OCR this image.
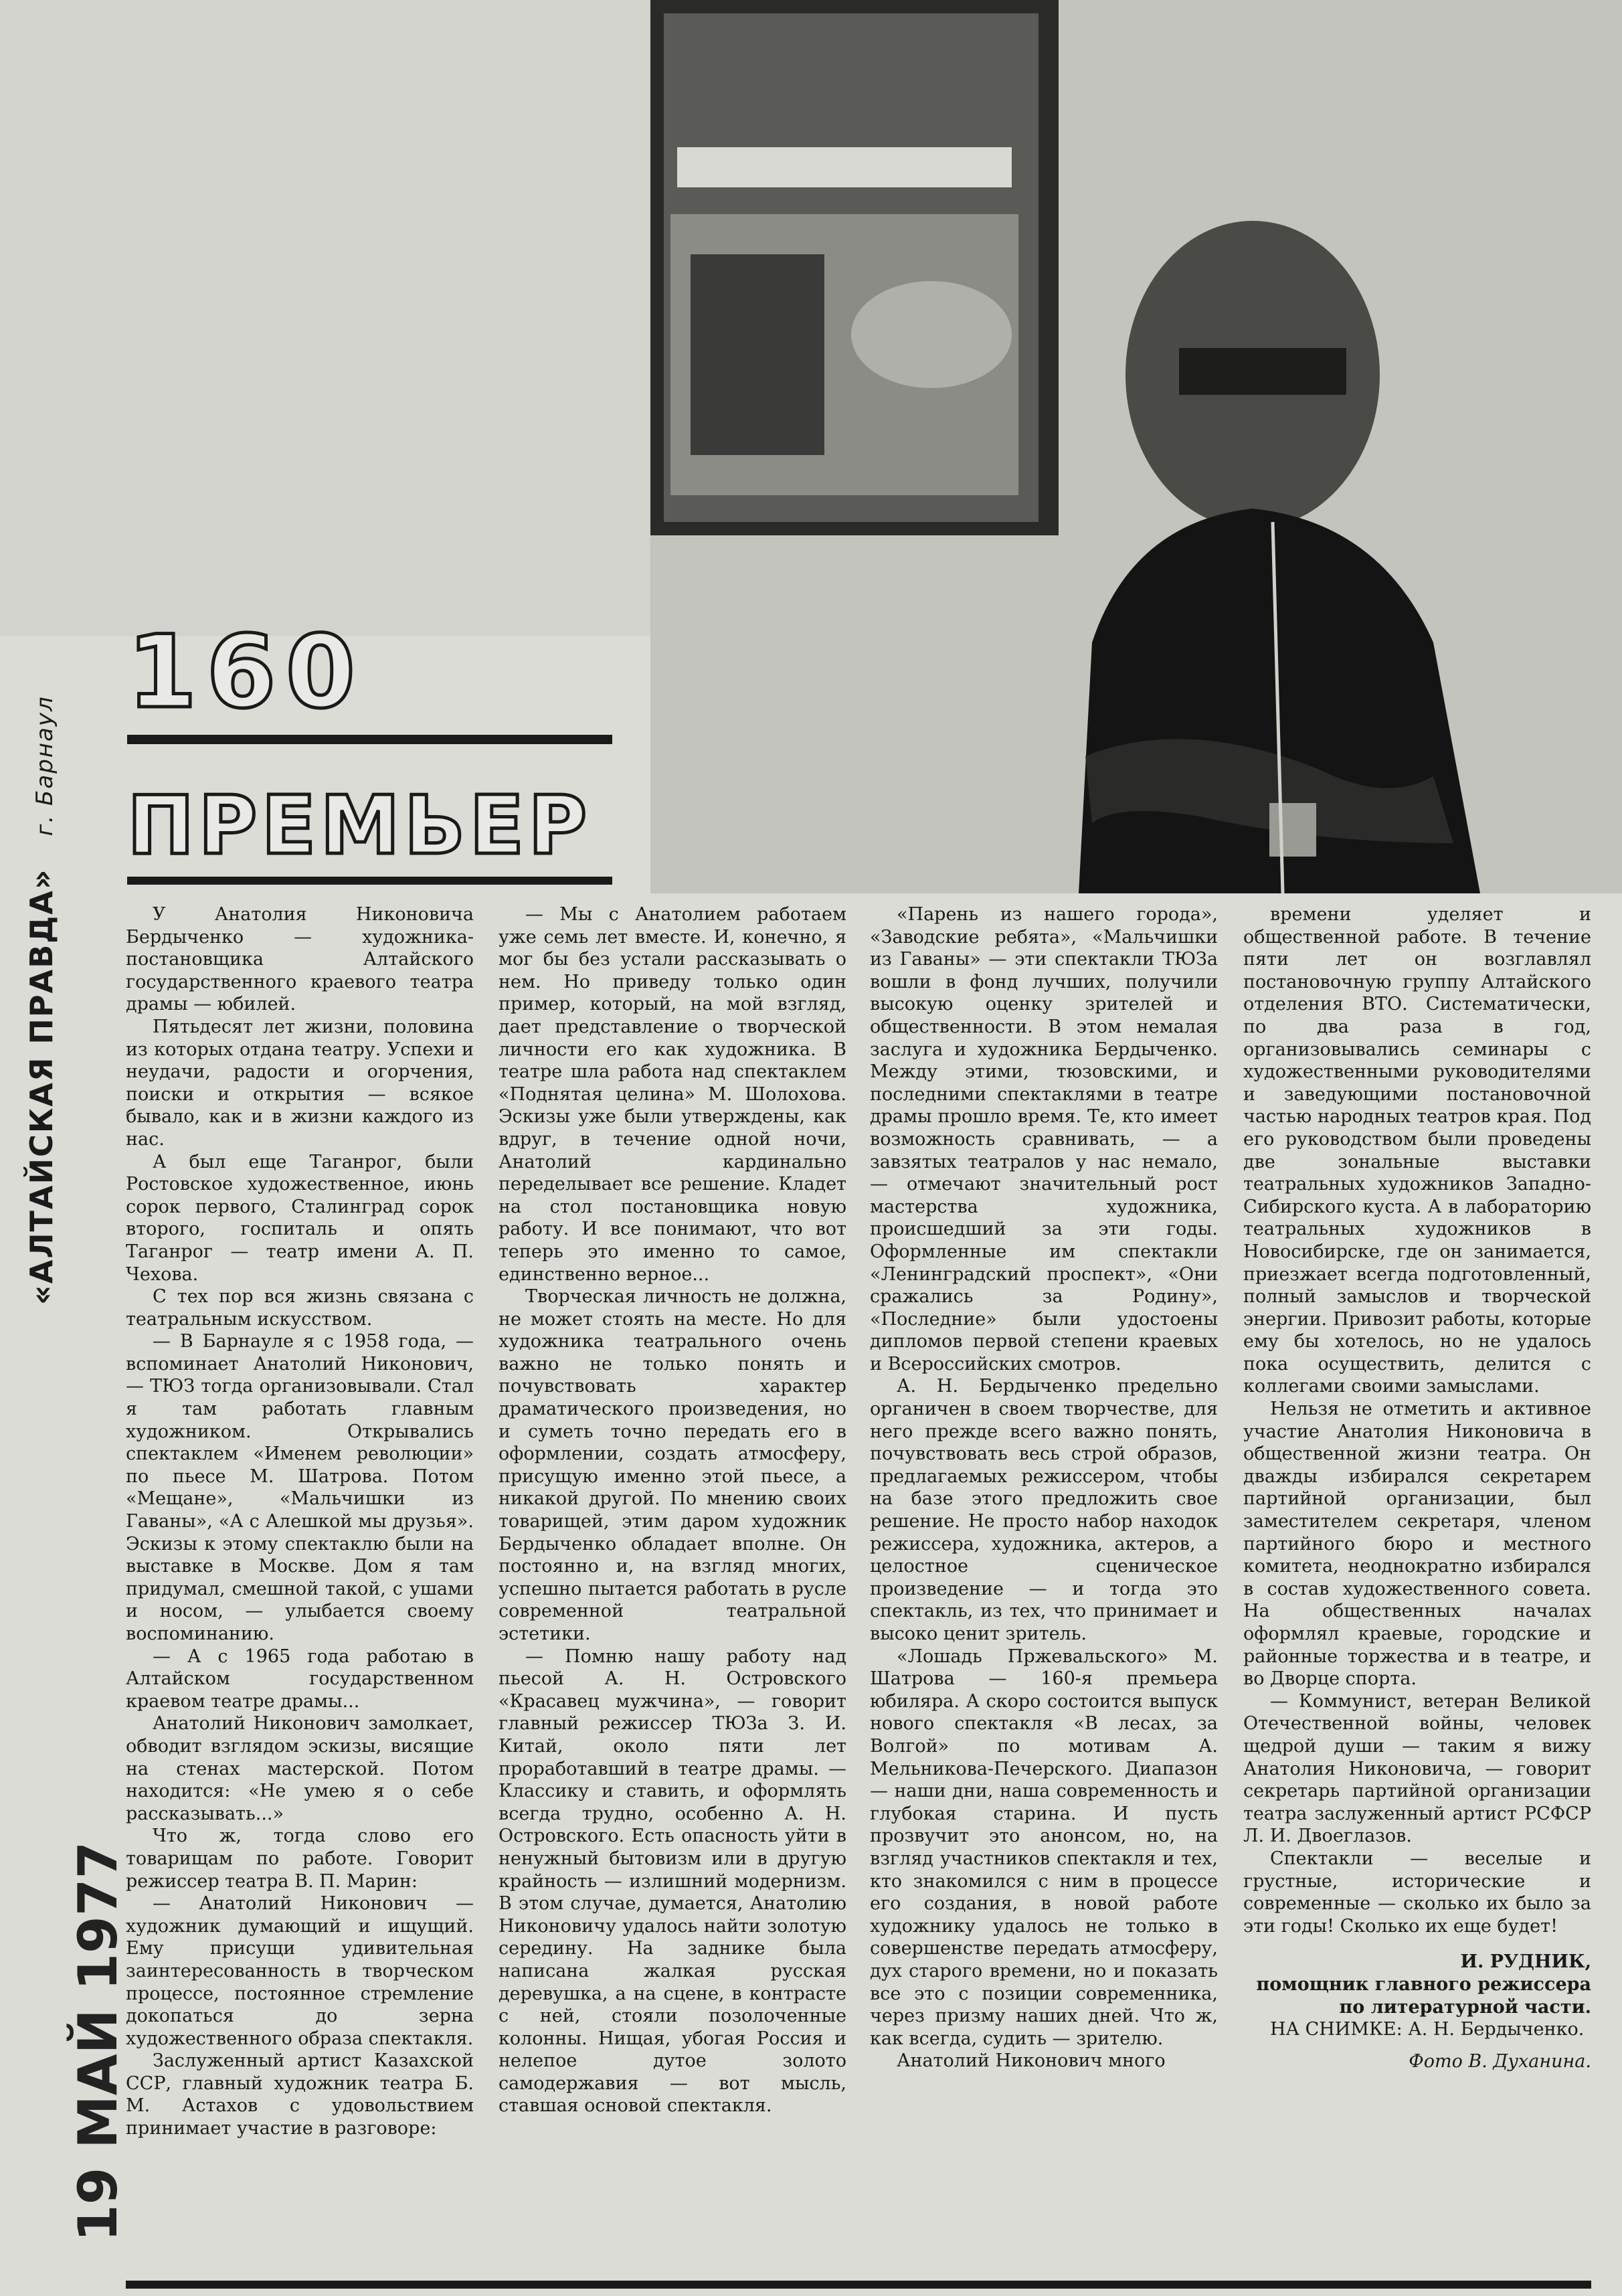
160
ПРЕМЬЕР
«АЛТАЙСКАЯ ПРАВДА» г. Барнаул
19 МАЙ 1977

У Анатолия Никоновича Бердыченко — художника-постановщика Алтайского государственного краевого театра драмы — юбилей.

Пятьдесят лет жизни, половина из которых отдана театру. Успехи и неудачи, радости и огорчения, поиски и открытия — всякое бывало, как и в жизни каждого из нас.

А был еще Таганрог, были Ростовское художественное, июнь сорок первого, Сталинград сорок второго, госпиталь и опять Таганрог — театр имени А. П. Чехова.

С тех пор вся жизнь связана с театральным искусством.

— В Барнауле я с 1958 года, — вспоминает Анатолий Никонович, — ТЮЗ тогда организовывали. Стал я там работать главным художником. Открывались спектаклем «Именем революции» по пьесе М. Шатрова. Потом «Мещане», «Мальчишки из Гаваны», «А с Алешкой мы друзья». Эскизы к этому спектаклю были на выставке в Москве. Дом я там придумал, смешной такой, с ушами и носом, — улыбается своему воспоминанию.

— А с 1965 года работаю в Алтайском государственном краевом театре драмы...

Анатолий Никонович замолкает, обводит взглядом эскизы, висящие на стенах мастерской. Потом находится: «Не умею я о себе рассказывать...»

Что ж, тогда слово его товарищам по работе. Говорит режиссер театра В. П. Марин:

— Анатолий Никонович — художник думающий и ищущий. Ему присущи удивительная заинтересованность в творческом процессе, постоянное стремление докопаться до зерна художественного образа спектакля.

Заслуженный артист Казахской ССР, главный художник театра Б. М. Астахов с удовольствием принимает участие в разговоре:

— Мы с Анатолием работаем уже семь лет вместе. И, конечно, я мог бы без устали рассказывать о нем. Но приведу только один пример, который, на мой взгляд, дает представление о творческой личности его как художника. В театре шла работа над спектаклем «Поднятая целина» М. Шолохова. Эскизы уже были утверждены, как вдруг, в течение одной ночи, Анатолий кардинально переделывает все решение. Кладет на стол постановщика новую работу. И все понимают, что вот теперь это именно то самое, единственно верное...

Творческая личность не должна, не может стоять на месте. Но для художника театрального очень важно не только понять и почувствовать характер драматического произведения, но и суметь точно передать его в оформлении, создать атмосферу, присущую именно этой пьесе, а никакой другой. По мнению своих товарищей, этим даром художник Бердыченко обладает вполне. Он постоянно и, на взгляд многих, успешно пытается работать в русле современной театральной эстетики.

— Помню нашу работу над пьесой А. Н. Островского «Красавец мужчина», — говорит главный режиссер ТЮЗа З. И. Китай, около пяти лет проработавший в театре драмы. — Классику и ставить, и оформлять всегда трудно, особенно А. Н. Островского. Есть опасность уйти в ненужный бытовизм или в другую крайность — излишний модернизм. В этом случае, думается, Анатолию Никоновичу удалось найти золотую середину. На заднике была написана жалкая русская деревушка, а на сцене, в контрасте с ней, стояли позолоченные колонны. Нищая, убогая Россия и нелепое дутое золото самодержавия — вот мысль, ставшая основой спектакля.

«Парень из нашего города», «Заводские ребята», «Мальчишки из Гаваны» — эти спектакли ТЮЗа вошли в фонд лучших, получили высокую оценку зрителей и общественности. В этом немалая заслуга и художника Бердыченко. Между этими, тюзовскими, и последними спектаклями в театре драмы прошло время. Те, кто имеет возможность сравнивать, — а завзятых театралов у нас немало, — отмечают значительный рост мастерства художника, происшедший за эти годы. Оформленные им спектакли «Ленинградский проспект», «Они сражались за Родину», «Последние» были удостоены дипломов первой степени краевых и Всероссийских смотров.

А. Н. Бердыченко предельно органичен в своем творчестве, для него прежде всего важно понять, почувствовать весь строй образов, предлагаемых режиссером, чтобы на базе этого предложить свое решение. Не просто набор находок режиссера, художника, актеров, а целостное сценическое произведение — и тогда это спектакль, из тех, что принимает и высоко ценит зритель.

«Лошадь Пржевальского» М. Шатрова — 160-я премьера юбиляра. А скоро состоится выпуск нового спектакля «В лесах, за Волгой» по мотивам А. Мельникова-Печерского. Диапазон — наши дни, наша современность и глубокая старина. И пусть прозвучит это анонсом, но, на взгляд участников спектакля и тех, кто знакомился с ним в процессе его создания, в новой работе художнику удалось не только в совершенстве передать атмосферу, дух старого времени, но и показать все это с позиции современника, через призму наших дней. Что ж, как всегда, судить — зрителю.

Анатолий Никонович много

времени уделяет и общественной работе. В течение пяти лет он возглавлял постановочную группу Алтайского отделения ВТО. Систематически, по два раза в год, организовывались семинары с художественными руководителями и заведующими постановочной частью народных театров края. Под его руководством были проведены две зональные выставки театральных художников Западно-Сибирского куста. А в лабораторию театральных художников в Новосибирске, где он занимается, приезжает всегда подготовленный, полный замыслов и творческой энергии. Привозит работы, которые ему бы хотелось, но не удалось пока осуществить, делится с коллегами своими замыслами.

Нельзя не отметить и активное участие Анатолия Никоновича в общественной жизни театра. Он дважды избирался секретарем партийной организации, был заместителем секретаря, членом партийного бюро и местного комитета, неоднократно избирался в состав художественного совета. На общественных началах оформлял краевые, городские и районные торжества и в театре, и во Дворце спорта.

— Коммунист, ветеран Великой Отечественной войны, человек щедрой души — таким я вижу Анатолия Никоновича, — говорит секретарь партийной организации театра заслуженный артист РСФСР Л. И. Двоеглазов.

Спектакли — веселые и грустные, исторические и современные — сколько их было за эти годы! Сколько их еще будет!

И. РУДНИК,

помощник главного режиссера по литературной части.

НА СНИМКЕ: А. Н. Бердыченко.

Фото В. Духанина.
